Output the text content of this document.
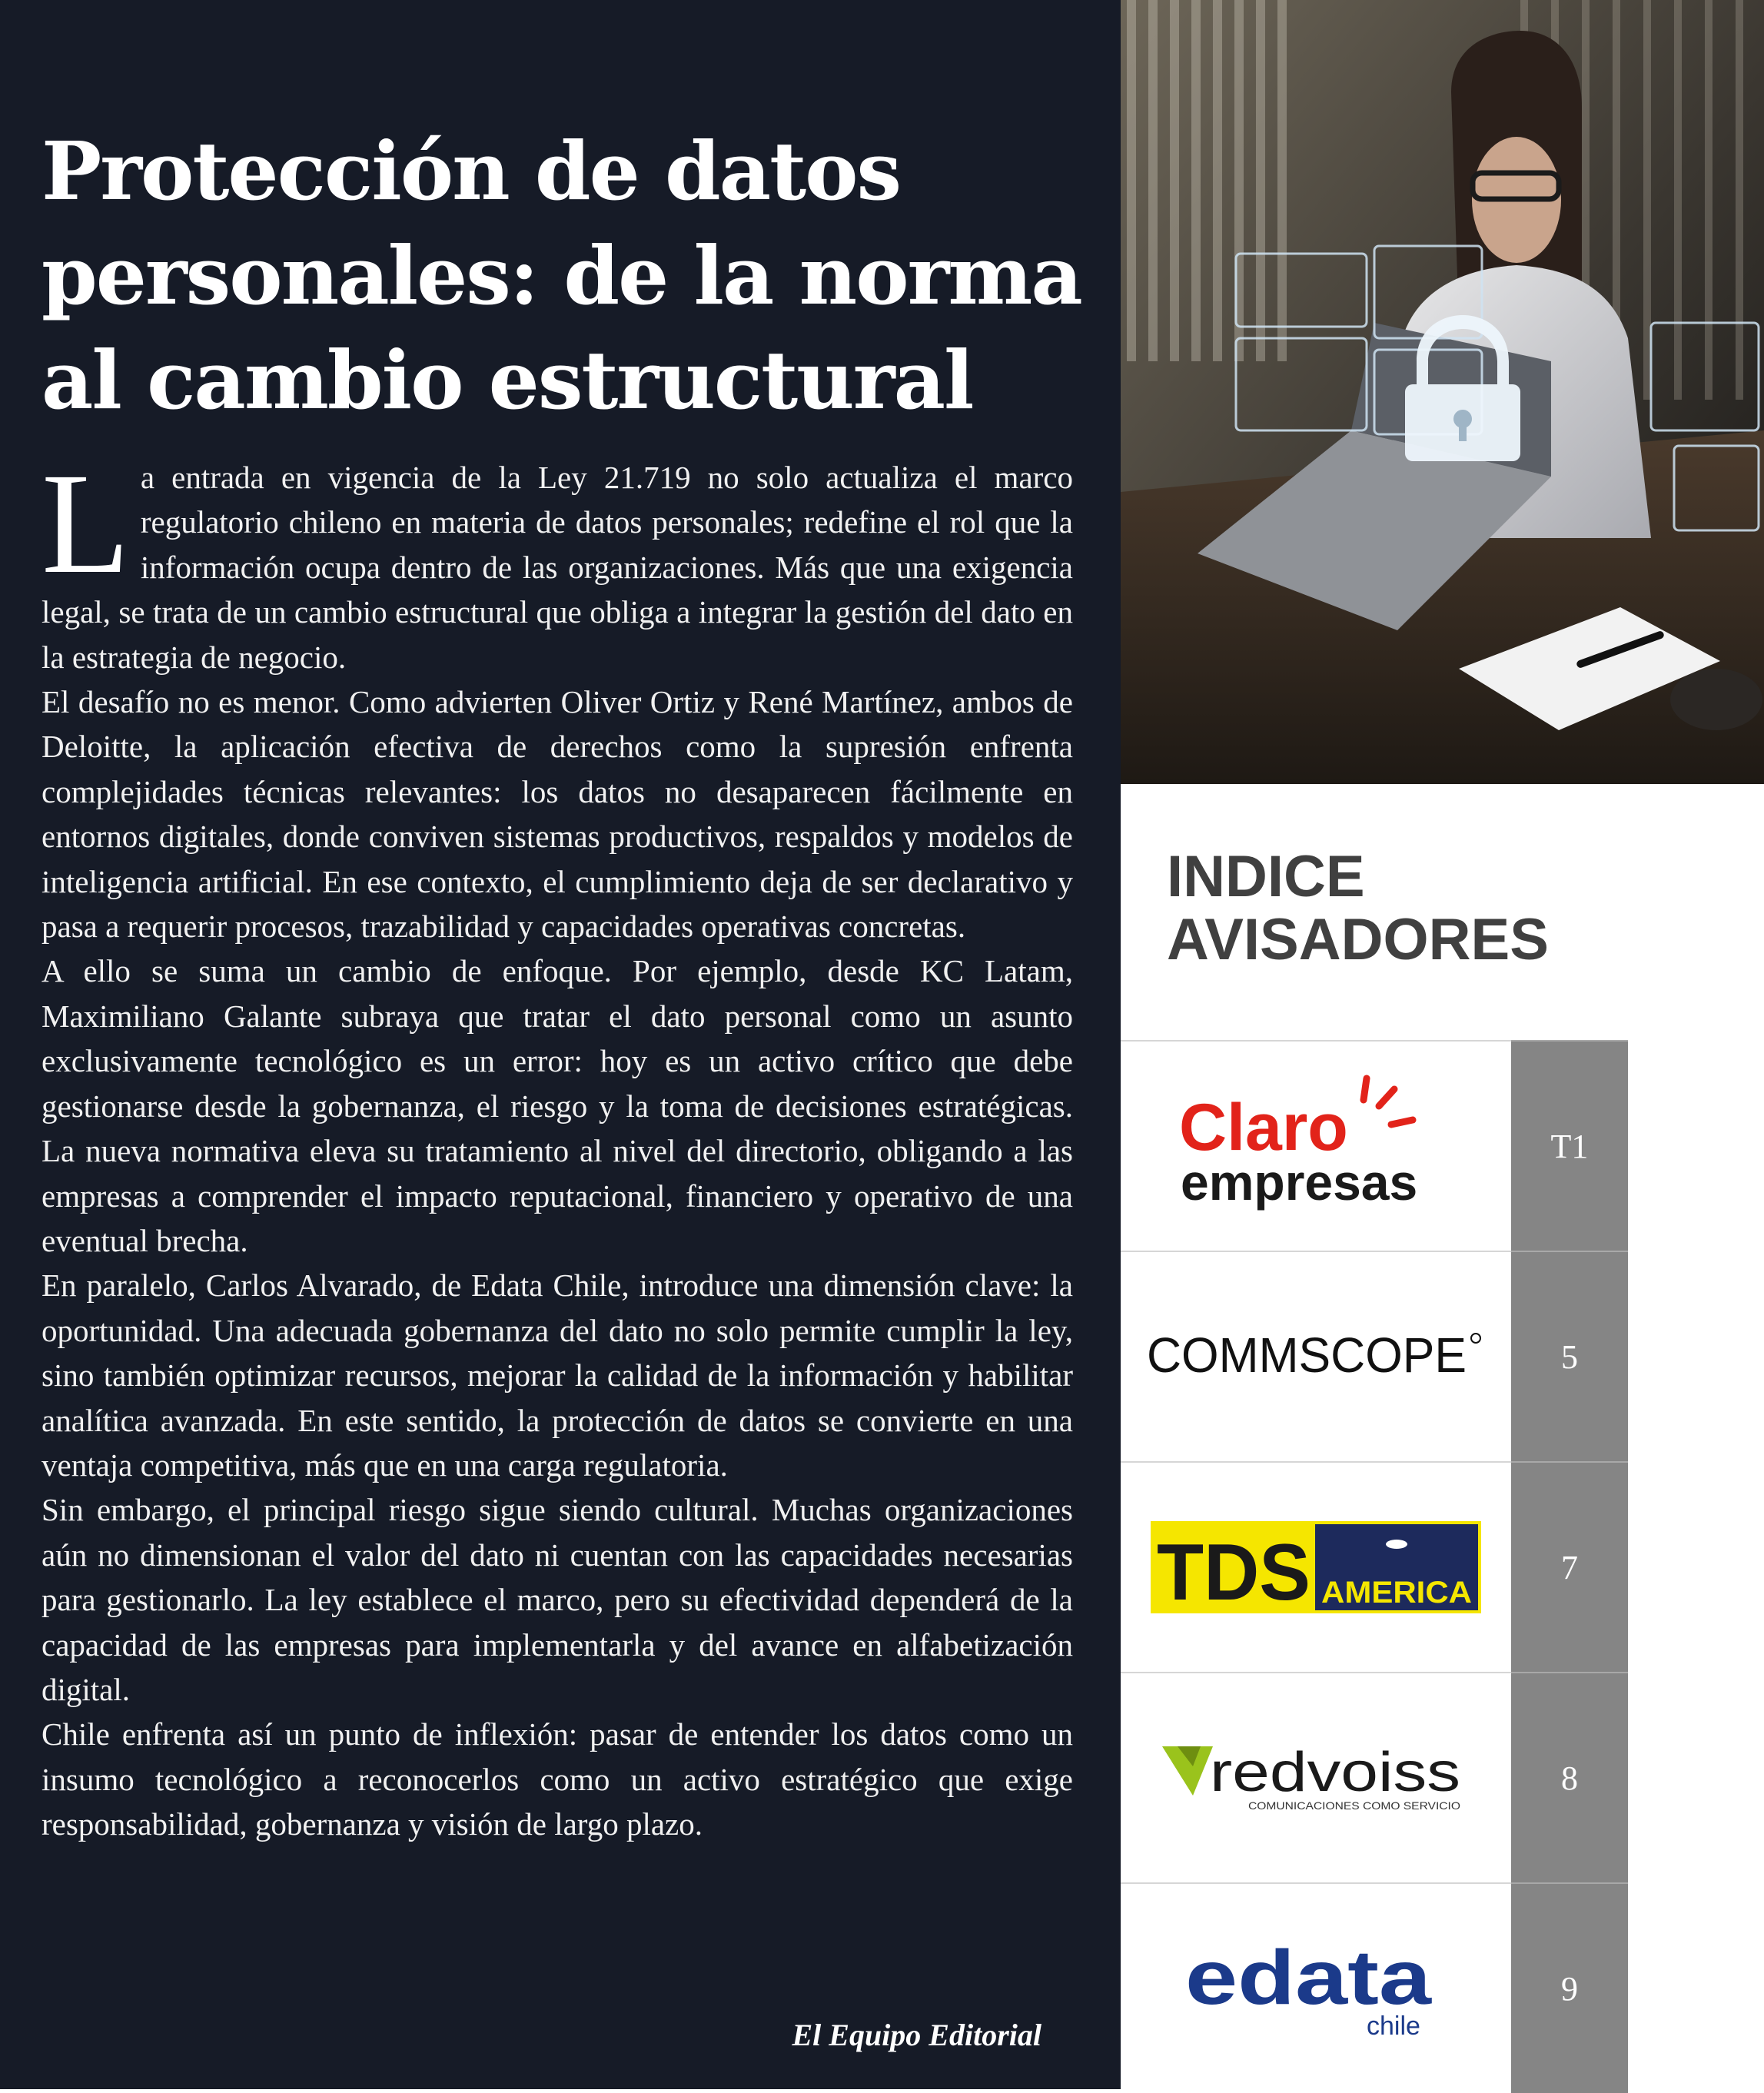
Protección de datos
personales: de la norma
al cambio estructural

La entrada en vigencia de la Ley 21.719 no solo actualiza el marco regulatorio chileno en materia de datos personales; redefine el rol que la información ocupa dentro de las organizaciones. Más que una exigencia legal, se trata de un cambio estructural que obliga a integrar la gestión del dato en la estrategia de negocio.

El desafío no es menor. Como advierten Oliver Ortiz y René Martínez, ambos de Deloitte, la aplicación efectiva de derechos como la supresión enfrenta complejidades técnicas relevantes: los datos no desaparecen fácilmente en entornos digitales, donde conviven sistemas productivos, respaldos y modelos de inteligencia artificial. En ese contexto, el cumplimiento deja de ser declarativo y pasa a requerir procesos, trazabilidad y capacidades operativas concretas.

A ello se suma un cambio de enfoque. Por ejemplo, desde KC Latam, Maximiliano Galante subraya que tratar el dato personal como un asunto exclusivamente tecnológico es un error: hoy es un activo crítico que debe gestionarse desde la gobernanza, el riesgo y la toma de decisiones estratégicas. La nueva normativa eleva su tratamiento al nivel del directorio, obligando a las empresas a comprender el impacto reputacional, financiero y operativo de una eventual brecha.

En paralelo, Carlos Alvarado, de Edata Chile, introduce una dimensión clave: la oportunidad. Una adecuada gobernanza del dato no solo permite cumplir la ley, sino también optimizar recursos, mejorar la calidad de la información y habilitar analítica avanzada. En este sentido, la protección de datos se convierte en una ventaja competitiva, más que en una carga regulatoria.

Sin embargo, el principal riesgo sigue siendo cultural. Muchas organizaciones aún no dimensionan el valor del dato ni cuentan con las capacidades necesarias para gestionarlo. La ley establece el marco, pero su efectividad dependerá de la capacidad de las empresas para implementarla y del avance en alfabetización digital.

Chile enfrenta así un punto de inflexión: pasar de entender los datos como un insumo tecnológico a reconocerlos como un activo estratégico que exige responsabilidad, gobernanza y visión de largo plazo.

El Equipo Editorial

INDICE
AVISADORES
Claro
empresas	T1

COMMSCOPE	5

TDS AMERICA	7

redvoiss
COMUNICACIONES COMO SERVICIO	8

edata
chile	9
